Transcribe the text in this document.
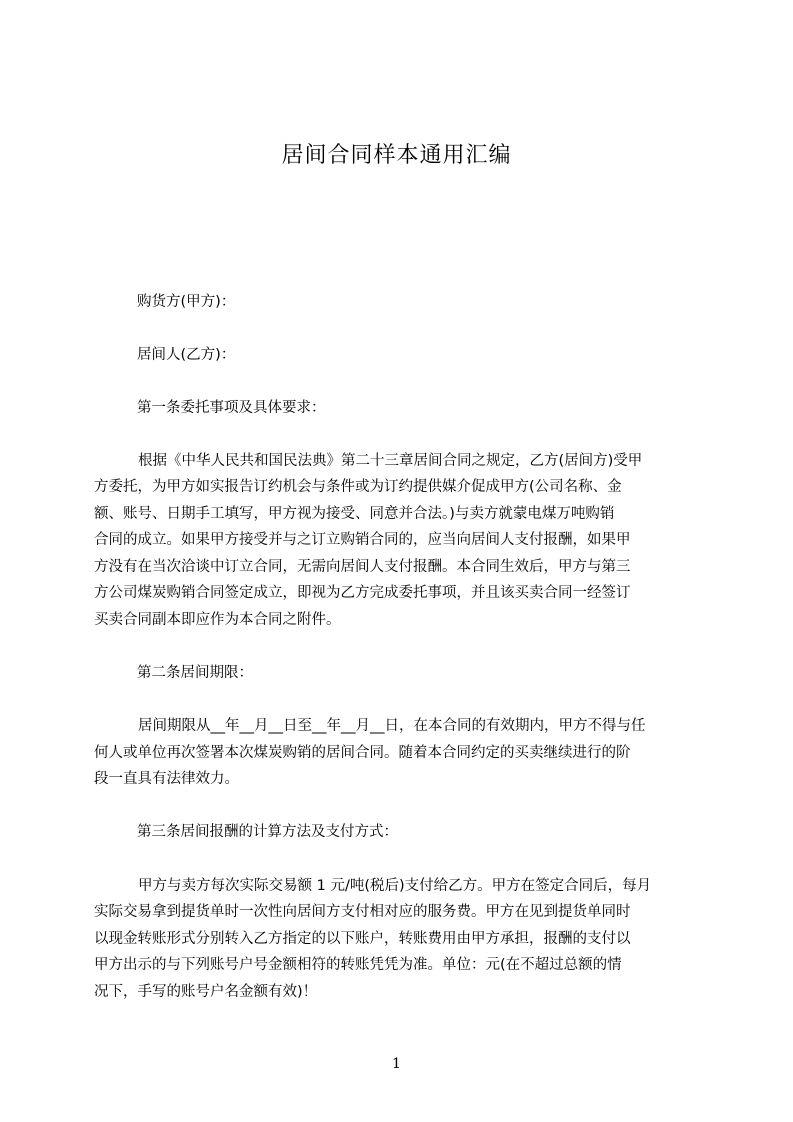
居间合同样本通用汇编

购货方(甲方)：

居间人(乙方)：

第一条委托事项及具体要求：

根据《中华人民共和国民法典》第二十三章居间合同之规定，乙方(居间方)受甲

方委托，为甲方如实报告订约机会与条件或为订约提供媒介促成甲方(公司名称、金

额、账号、日期手工填写，甲方视为接受、同意并合法。)与卖方就蒙电煤万吨购销

合同的成立。如果甲方接受并与之订立购销合同的，应当向居间人支付报酬，如果甲

方没有在当次洽谈中订立合同，无需向居间人支付报酬。本合同生效后，甲方与第三

方公司煤炭购销合同签定成立，即视为乙方完成委托事项，并且该买卖合同一经签订

买卖合同副本即应作为本合同之附件。

第二条居间期限：

居间期限从__年__月__日至__年__月__日，在本合同的有效期内，甲方不得与任

何人或单位再次签署本次煤炭购销的居间合同。随着本合同约定的买卖继续进行的阶

段一直具有法律效力。

第三条居间报酬的计算方法及支付方式：

甲方与卖方每次实际交易额 1 元/吨(税后)支付给乙方。甲方在签定合同后，每月

实际交易拿到提货单时一次性向居间方支付相对应的服务费。甲方在见到提货单同时

以现金转账形式分别转入乙方指定的以下账户，转账费用由甲方承担，报酬的支付以

甲方出示的与下列账号户号金额相符的转账凭凭为准。单位：元(在不超过总额的情

况下，手写的账号户名金额有效)！

1
